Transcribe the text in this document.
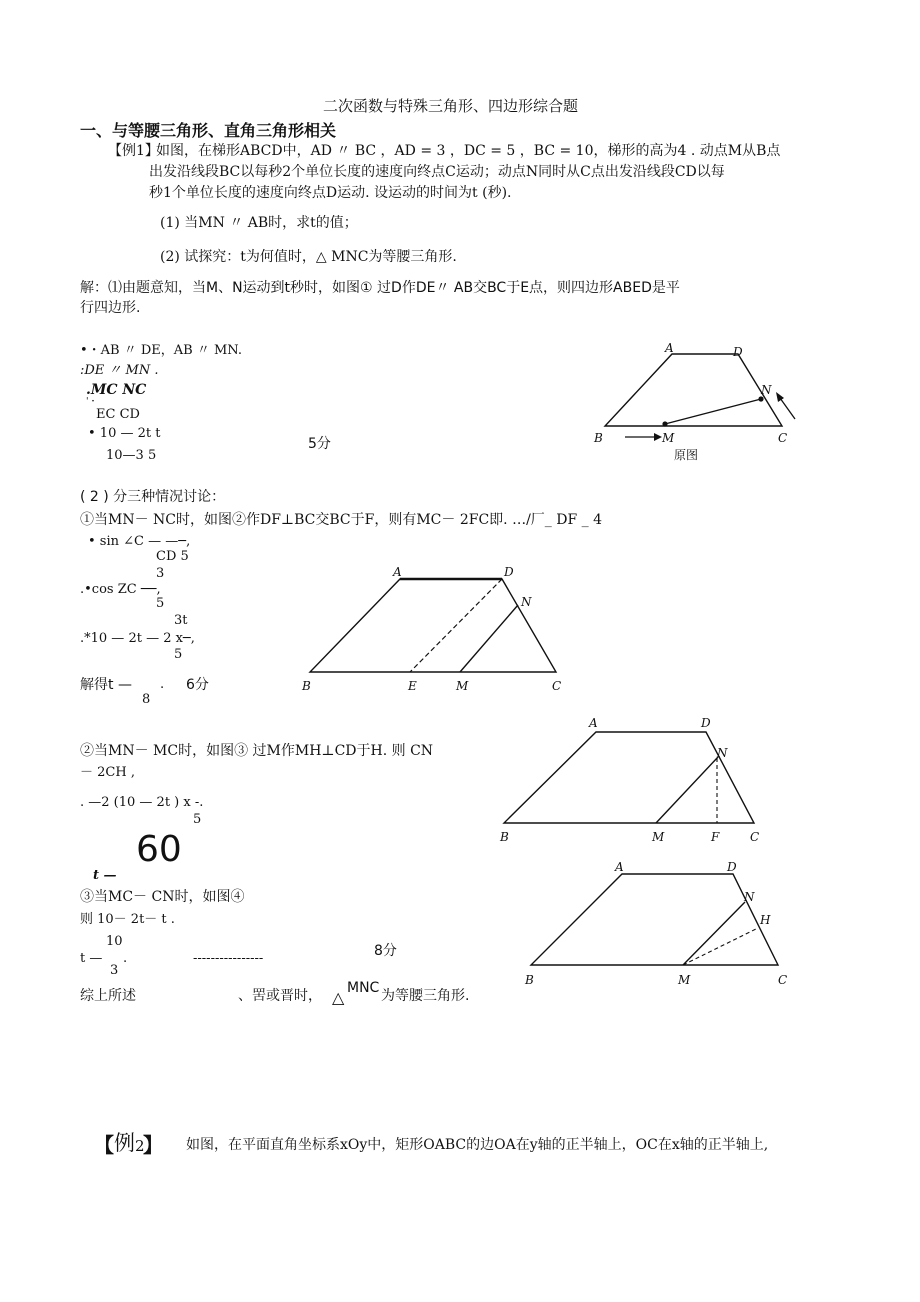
二次函数与特殊三角形、四边形综合题
一、与等腰三角形、直角三角形相关
【例1】
如图，在梯形ABCD中，AD 〃 BC ，AD = 3 ，DC = 5 ，BC = 10，梯形的高为4 . 动点M从B点
出发沿线段BC以每秒2个单位长度的速度向终点C运动；动点N同时从C点出发沿线段CD以每
秒1个单位长度的速度向终点D运动. 设运动的时间为t (秒).
(1) 当MN 〃 AB时，求t的值；
(2) 试探究：t为何值时，△ MNC为等腰三角形.
解：⑴由题意知，当M、N运动到t秒时，如图① 过D作DE〃 AB交BC于E点，则四边形ABED是平
行四边形.
•・AB 〃 DE，AB 〃 MN.
:DE 〃 MN .
.MC NC
'・
EC CD
• 10 — 2t t
10—3 5
5分
A	D
N
B	M	C
原图
( 2 ) 分三种情况讨论：
①当MN－ NC时，如图②作DF⊥BC交BC于F，则有MC－ 2FC即. …/厂_ DF _ 4
• sin ∠C — —─,
CD 5
3
.•cos ZC ──,
5
3t
.*10 — 2t — 2 x─,
5
解得t — .
8
6分
A	D
N
B	E	M	C
②当MN－ MC时，如图③ 过M作MH⊥CD于H. 则 CN
－ 2CH ,
. —2 (10 — 2t ) x -.
5
60
t —
A	D
N
B	M	F	C
③当MC－ CN时，如图④
则 10－ 2t－ t .
10
t — .
3
----------------	8分
综上所述	、罟或晋时， △ MNC 为等腰三角形.
A	D
N
H
B	M	C
【 例 2
】 如图，在平面直角坐标系xOy中，矩形OABC的边OA在y轴的正半轴上，OC在x轴的正半轴上,
